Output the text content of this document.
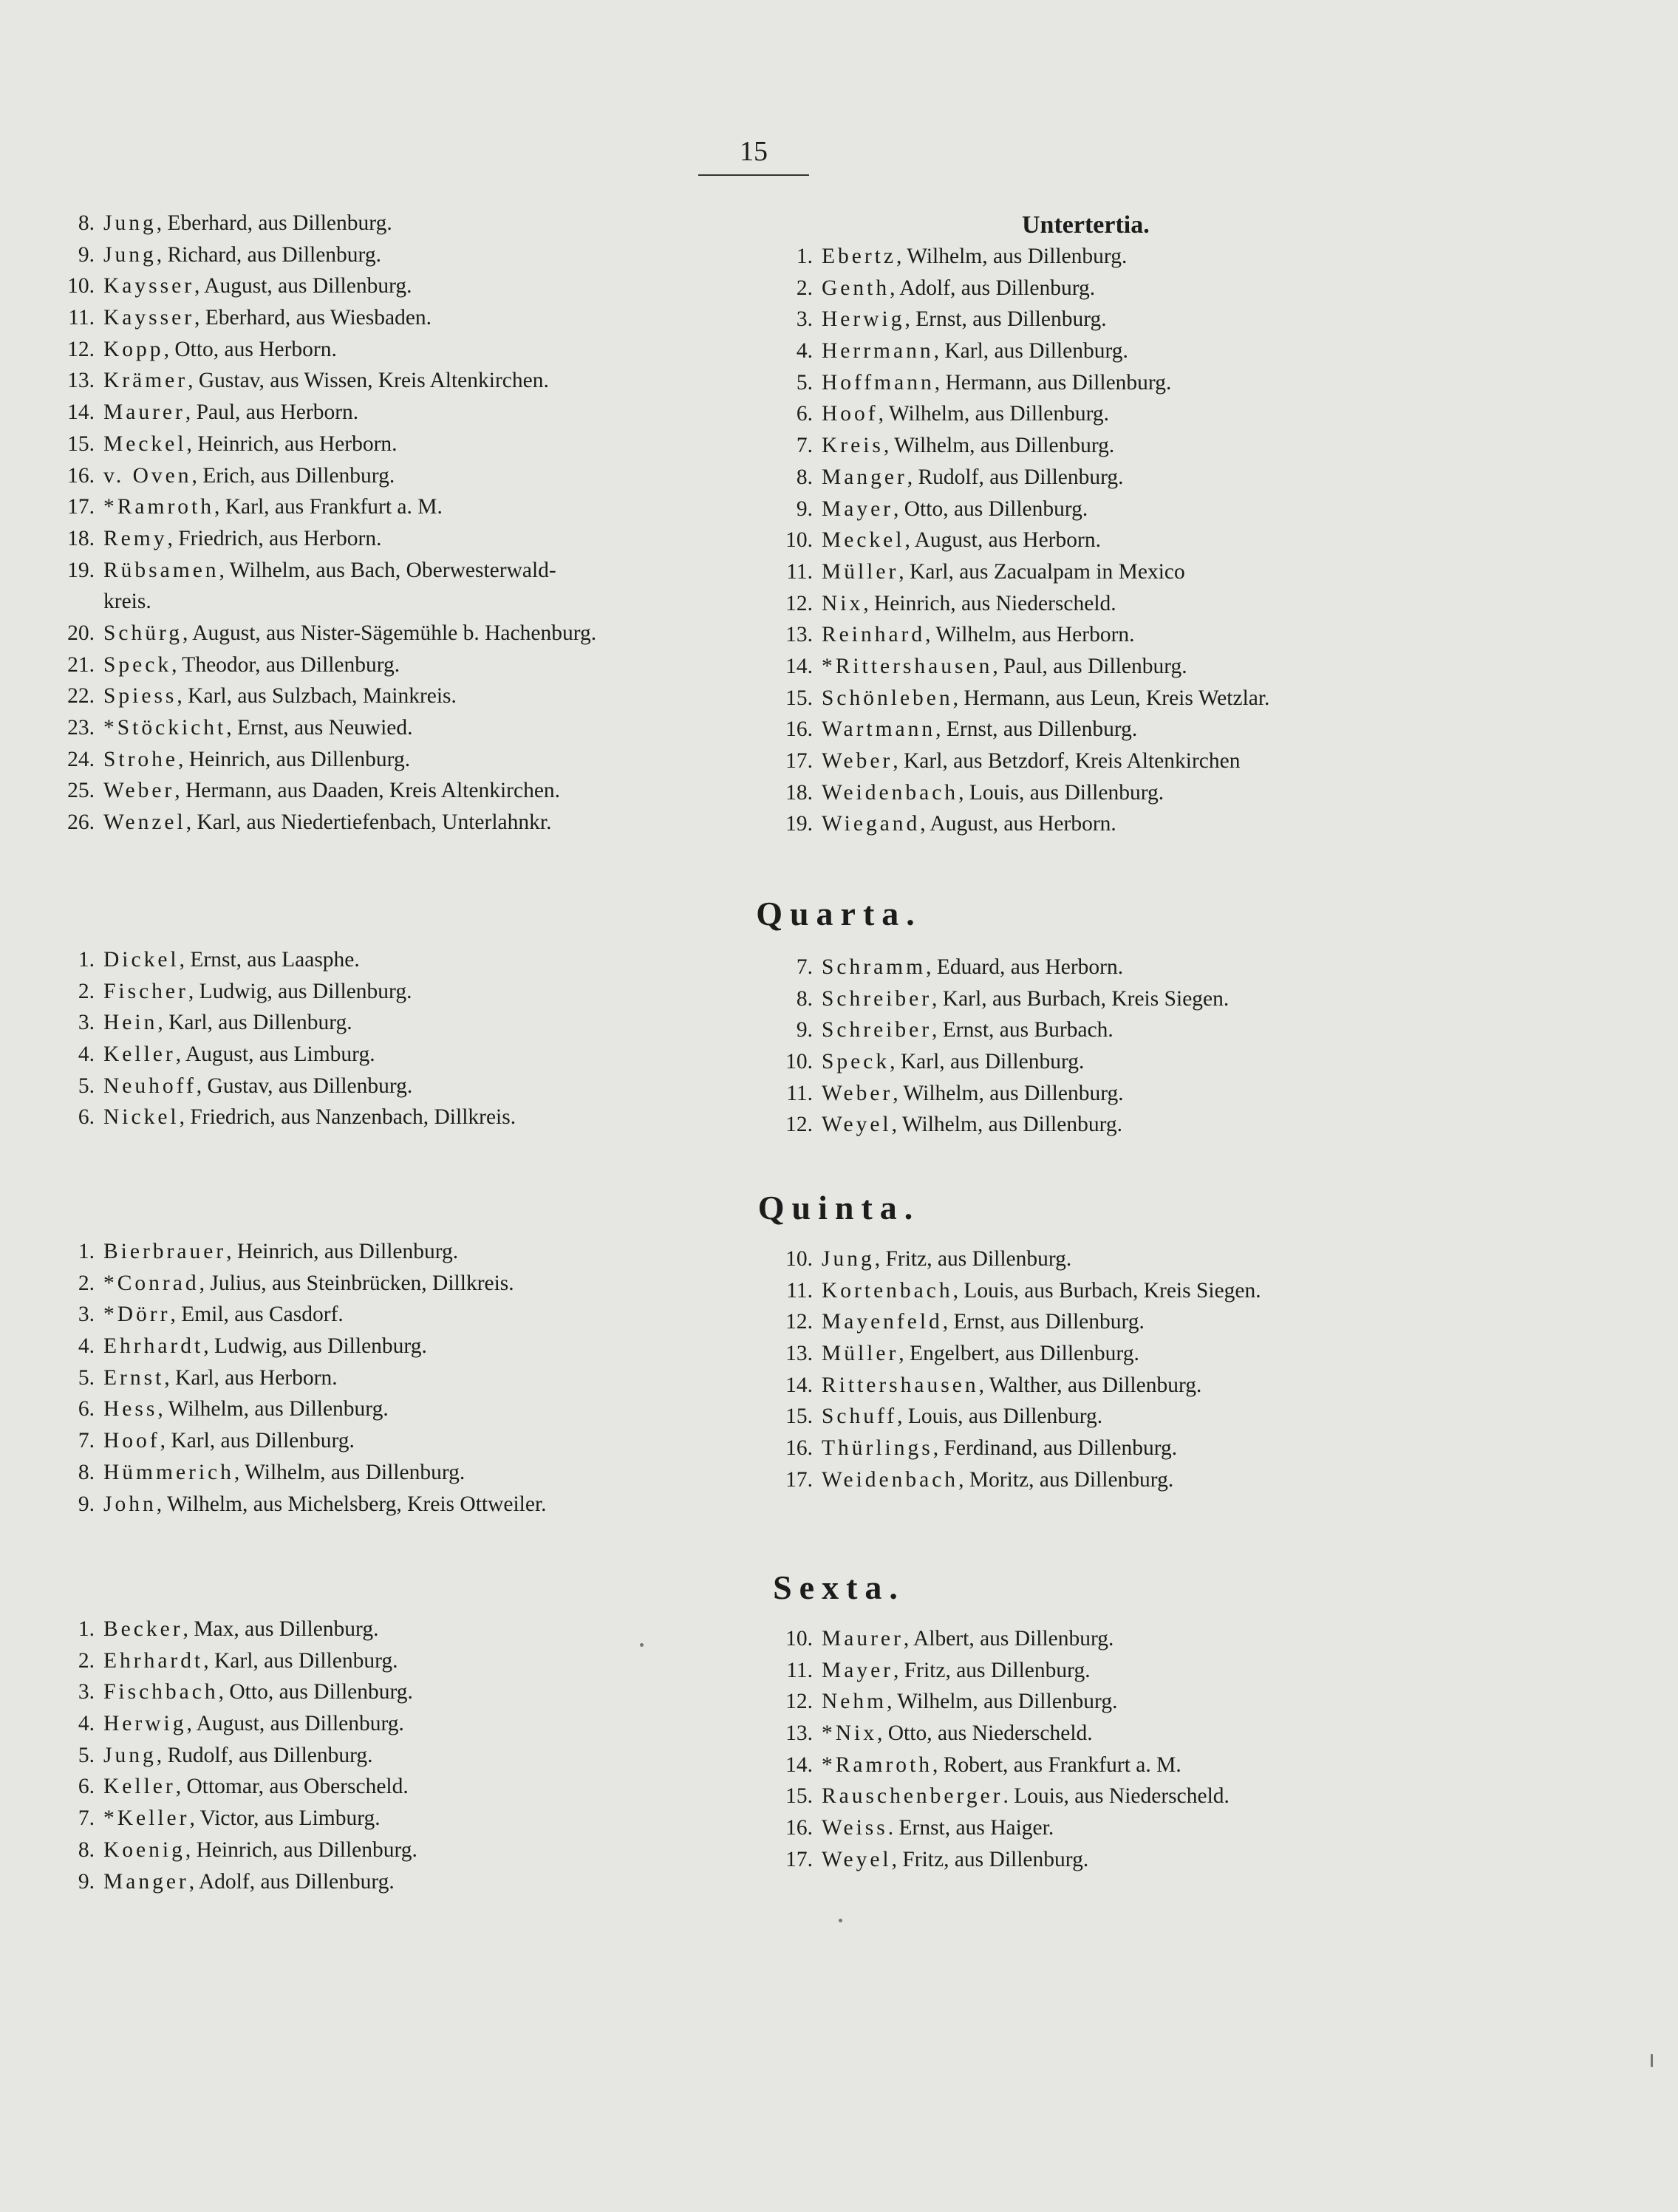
15
8. Jung, Eberhard, aus Dillenburg.
9. Jung, Richard, aus Dillenburg.
10. Kaysser, August, aus Dillenburg.
11. Kaysser, Eberhard, aus Wiesbaden.
12. Kopp, Otto, aus Herborn.
13. Krämer, Gustav, aus Wissen, Kreis Altenkirchen.
14. Maurer, Paul, aus Herborn.
15. Meckel, Heinrich, aus Herborn.
16. v. Oven, Erich, aus Dillenburg.
17. *Ramroth, Karl, aus Frankfurt a. M.
18. Remy, Friedrich, aus Herborn.
19. Rübsamen, Wilhelm, aus Bach, Oberwesterwald-
kreis.
20. Schürg, August, aus Nister-Sägemühle b. Hachenburg.
21. Speck, Theodor, aus Dillenburg.
22. Spiess, Karl, aus Sulzbach, Mainkreis.
23. *Stöckicht, Ernst, aus Neuwied.
24. Strohe, Heinrich, aus Dillenburg.
25. Weber, Hermann, aus Daaden, Kreis Altenkirchen.
26. Wenzel, Karl, aus Niedertiefenbach, Unterlahnkr.
Untertertia.
1. Ebertz, Wilhelm, aus Dillenburg.
2. Genth, Adolf, aus Dillenburg.
3. Herwig, Ernst, aus Dillenburg.
4. Herrmann, Karl, aus Dillenburg.
5. Hoffmann, Hermann, aus Dillenburg.
6. Hoof, Wilhelm, aus Dillenburg.
7. Kreis, Wilhelm, aus Dillenburg.
8. Manger, Rudolf, aus Dillenburg.
9. Mayer, Otto, aus Dillenburg.
10. Meckel, August, aus Herborn.
11. Müller, Karl, aus Zacualpam in Mexico
12. Nix, Heinrich, aus Niederscheld.
13. Reinhard, Wilhelm, aus Herborn.
14. *Rittershausen, Paul, aus Dillenburg.
15. Schönleben, Hermann, aus Leun, Kreis Wetzlar.
16. Wartmann, Ernst, aus Dillenburg.
17. Weber, Karl, aus Betzdorf, Kreis Altenkirchen
18. Weidenbach, Louis, aus Dillenburg.
19. Wiegand, August, aus Herborn.
Quarta.
1. Dickel, Ernst, aus Laasphe.
2. Fischer, Ludwig, aus Dillenburg.
3. Hein, Karl, aus Dillenburg.
4. Keller, August, aus Limburg.
5. Neuhoff, Gustav, aus Dillenburg.
6. Nickel, Friedrich, aus Nanzenbach, Dillkreis.
7. Schramm, Eduard, aus Herborn.
8. Schreiber, Karl, aus Burbach, Kreis Siegen.
9. Schreiber, Ernst, aus Burbach.
10. Speck, Karl, aus Dillenburg.
11. Weber, Wilhelm, aus Dillenburg.
12. Weyel, Wilhelm, aus Dillenburg.
Quinta.
1. Bierbrauer, Heinrich, aus Dillenburg.
2. *Conrad, Julius, aus Steinbrücken, Dillkreis.
3. *Dörr, Emil, aus Casdorf.
4. Ehrhardt, Ludwig, aus Dillenburg.
5. Ernst, Karl, aus Herborn.
6. Hess, Wilhelm, aus Dillenburg.
7. Hoof, Karl, aus Dillenburg.
8. Hümmerich, Wilhelm, aus Dillenburg.
9. John, Wilhelm, aus Michelsberg, Kreis Ottweiler.
10. Jung, Fritz, aus Dillenburg.
11. Kortenbach, Louis, aus Burbach, Kreis Siegen.
12. Mayenfeld, Ernst, aus Dillenburg.
13. Müller, Engelbert, aus Dillenburg.
14. Rittershausen, Walther, aus Dillenburg.
15. Schuff, Louis, aus Dillenburg.
16. Thürlings, Ferdinand, aus Dillenburg.
17. Weidenbach, Moritz, aus Dillenburg.
Sexta.
1. Becker, Max, aus Dillenburg.
2. Ehrhardt, Karl, aus Dillenburg.
3. Fischbach, Otto, aus Dillenburg.
4. Herwig, August, aus Dillenburg.
5. Jung, Rudolf, aus Dillenburg.
6. Keller, Ottomar, aus Oberscheld.
7. *Keller, Victor, aus Limburg.
8. Koenig, Heinrich, aus Dillenburg.
9. Manger, Adolf, aus Dillenburg.
10. Maurer, Albert, aus Dillenburg.
11. Mayer, Fritz, aus Dillenburg.
12. Nehm, Wilhelm, aus Dillenburg.
13. *Nix, Otto, aus Niederscheld.
14. *Ramroth, Robert, aus Frankfurt a. M.
15. Rauschenberger. Louis, aus Niederscheld.
16. Weiss. Ernst, aus Haiger.
17. Weyel, Fritz, aus Dillenburg.
